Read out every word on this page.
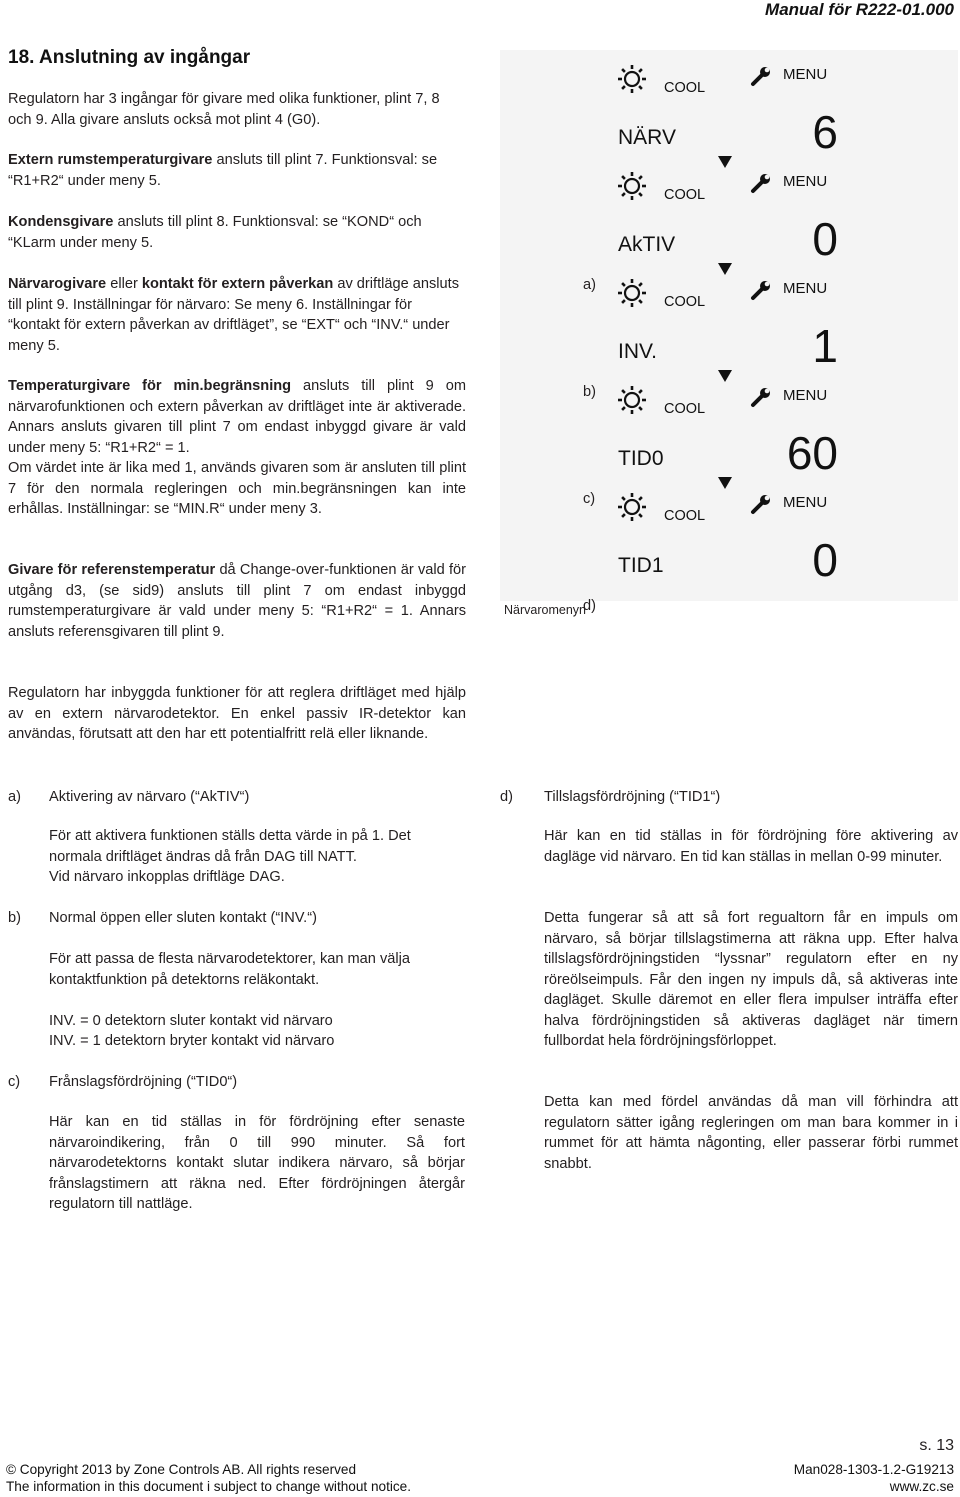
Manual för R222-01.000
18. Anslutning av ingångar
Regulatorn har 3 ingångar för givare med olika funktioner, plint 7, 8 och 9. Alla givare ansluts också mot plint 4 (G0).
Extern rumstemperaturgivare ansluts till plint 7. Funktionsval: se “R1+R2“ under meny 5.
Kondensgivare ansluts till plint 8. Funktionsval: se “KOND“ och “KLarm under meny 5.
Närvarogivare eller kontakt för extern påverkan av driftläge ansluts till plint 9. Inställningar för närvaro: Se meny 6. Inställningar för “kontakt för extern påverkan av driftläget”, se “EXT“ och “INV.“ under meny 5.
Temperaturgivare för min.begränsning ansluts till plint 9 om närvarofunktionen och extern påverkan av driftläget inte är aktiverade. Annars ansluts givaren till plint 7 om endast inbyggd givare är vald under meny 5: “R1+R2“ = 1.
Om värdet inte är lika med 1, används givaren som är ansluten till plint 7 för den normala regleringen och min.begränsningen kan inte erhållas. Inställningar: se “MIN.R“ under meny 3.
Givare för referenstemperatur då Change-over-funktionen är vald för utgång d3, (se sid9) ansluts till plint 7 om endast inbyggd rumstemperaturgivare är vald under meny 5: “R1+R2“ = 1. Annars ansluts referensgivaren till plint 9.
Närvaromenyn
COOL
MENU
NÄRV	6
COOL
MENU
AkTIV	0
a)
COOL
MENU
INV.	1
b)
COOL
MENU
TID0	60
c)
COOL
MENU
TID1	0
d)
Regulatorn har inbyggda funktioner för att reglera driftläget med hjälp av en extern närvarodetektor. En enkel passiv IR-detektor kan användas, förutsatt att den har ett potentialfritt relä eller liknande.
a) Aktivering av närvaro (“AkTIV“)
För att aktivera funktionen ställs detta värde in på 1. Det normala driftläget ändras då från DAG till NATT.
Vid närvaro inkopplas driftläge DAG.
b) Normal öppen eller sluten kontakt (“INV.“)
För att passa de flesta närvarodetektorer, kan man välja kontaktfunktion på detektorns reläkontakt.
INV. = 0 detektorn sluter kontakt vid närvaro
INV. = 1 detektorn bryter kontakt vid närvaro
c) Frånslagsfördröjning (“TID0“)
Här kan en tid ställas in för fördröjning efter senaste närvaroindikering, från 0 till 990 minuter. Så fort närvarodetektorns kontakt slutar indikera närvaro, så börjar frånslagstimern att räkna ned. Efter fördröjningen återgår regulatorn till nattläge.
d) Tillslagsfördröjning (“TID1“)
Här kan en tid ställas in för fördröjning före aktivering av dagläge vid närvaro. En tid kan ställas in mellan 0-99 minuter.
Detta fungerar så att så fort regualtorn får en impuls om närvaro, så börjar tillslagstimerna att räkna upp. Efter halva tillslagsfördröjningstiden “lyssnar” regulatorn efter en ny röreölseimpuls. Får den ingen ny impuls då, så aktiveras inte dagläget. Skulle däremot en eller flera impulser inträffa efter halva fördröjningstiden så aktiveras dagläget när timern fullbordat hela fördröjningsförloppet.
Detta kan med fördel användas då man vill förhindra att regulatorn sätter igång regleringen om man bara kommer in i rummet för att hämta någonting, eller passerar förbi rummet snabbt.
s. 13
© Copyright 2013 by Zone Controls AB. All rights reserved
The information in this document i subject to change without notice.
Man028-1303-1.2-G19213
www.zc.se
